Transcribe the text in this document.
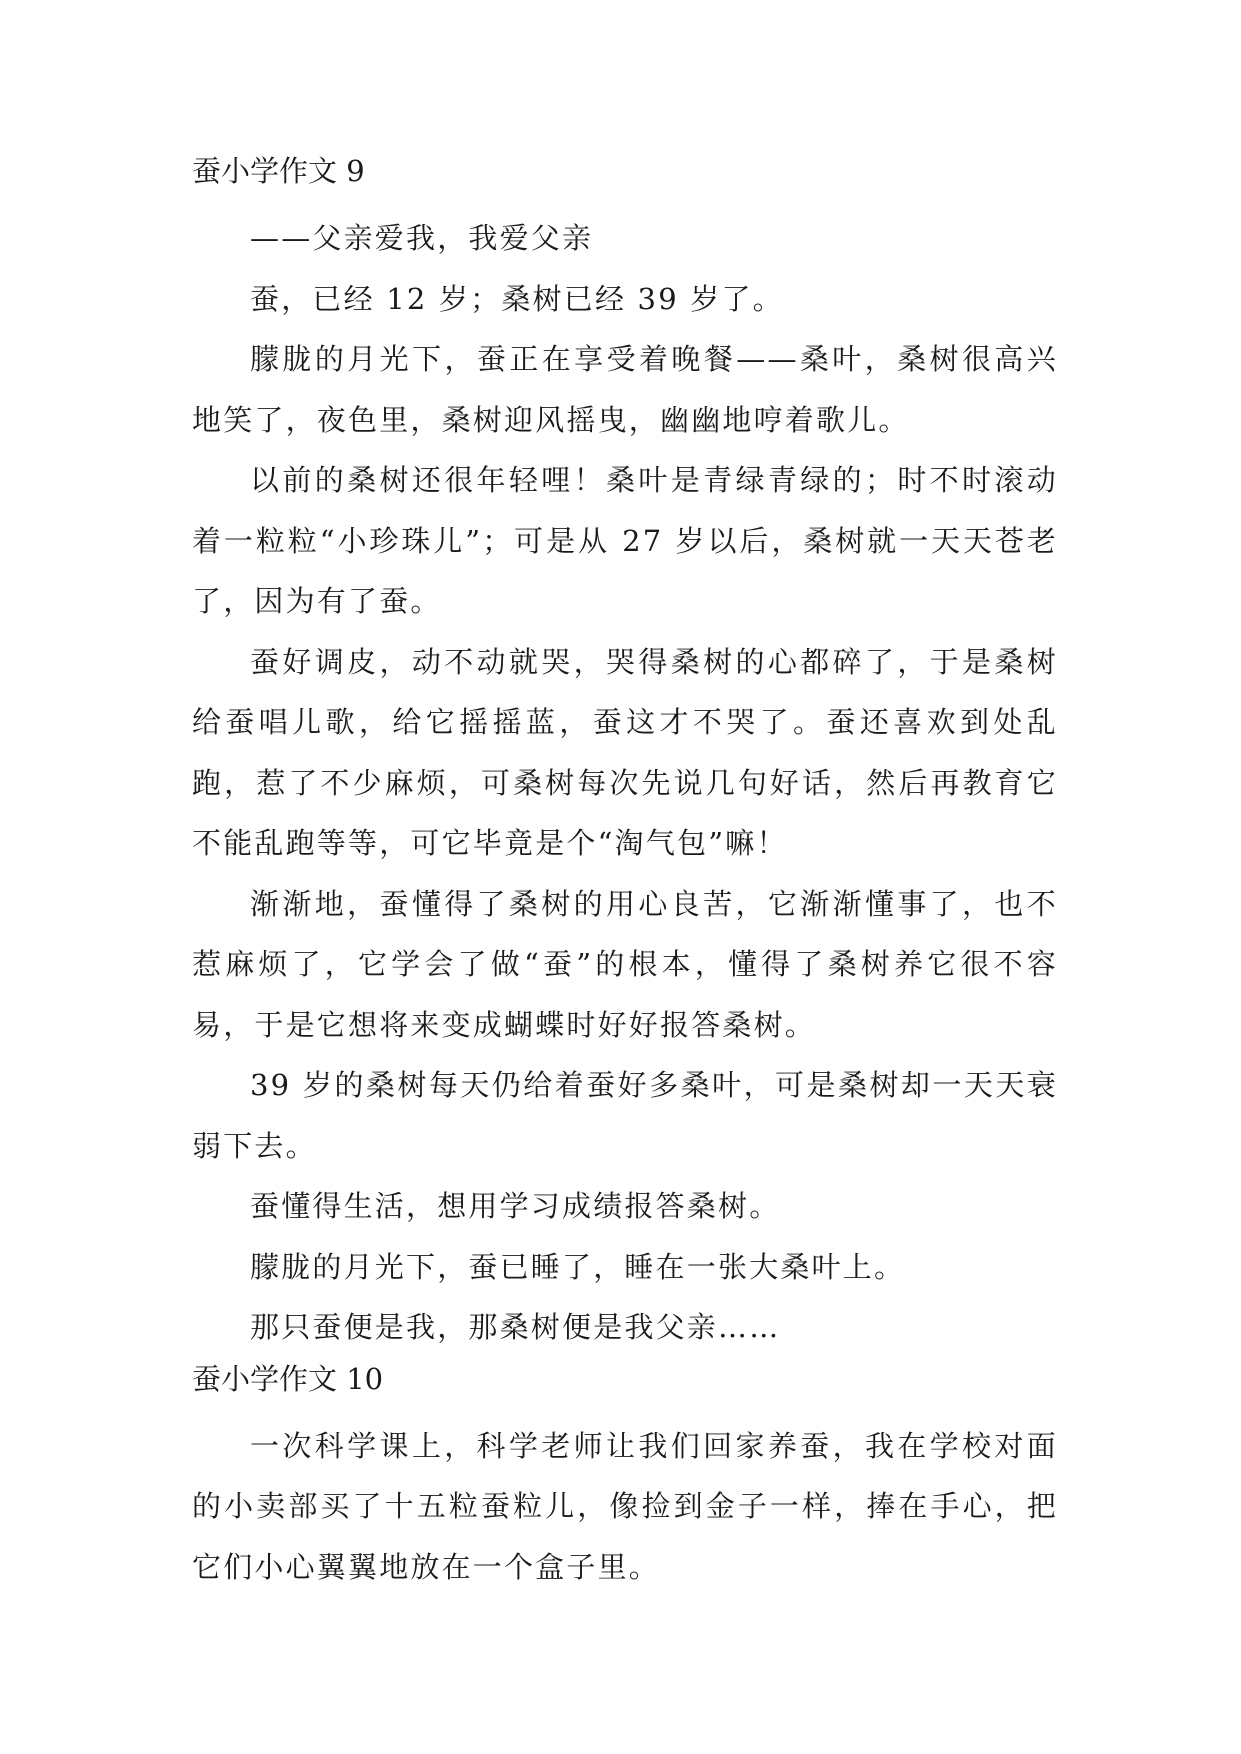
蚕小学作文 9

——父亲爱我，我爱父亲

蚕，已经 12 岁；桑树已经 39 岁了。

朦胧的月光下，蚕正在享受着晚餐——桑叶，桑树很高兴地笑了，夜色里，桑树迎风摇曳，幽幽地哼着歌儿。

以前的桑树还很年轻哩！桑叶是青绿青绿的；时不时滚动着一粒粒“小珍珠儿”；可是从 27 岁以后，桑树就一天天苍老了，因为有了蚕。

蚕好调皮，动不动就哭，哭得桑树的心都碎了，于是桑树给蚕唱儿歌，给它摇摇蓝，蚕这才不哭了。蚕还喜欢到处乱跑，惹了不少麻烦，可桑树每次先说几句好话，然后再教育它不能乱跑等等，可它毕竟是个“淘气包”嘛！

渐渐地，蚕懂得了桑树的用心良苦，它渐渐懂事了，也不惹麻烦了，它学会了做“蚕”的根本，懂得了桑树养它很不容易，于是它想将来变成蝴蝶时好好报答桑树。

39 岁的桑树每天仍给着蚕好多桑叶，可是桑树却一天天衰弱下去。

蚕懂得生活，想用学习成绩报答桑树。

朦胧的月光下，蚕已睡了，睡在一张大桑叶上。

那只蚕便是我，那桑树便是我父亲……

蚕小学作文 10

一次科学课上，科学老师让我们回家养蚕，我在学校对面的小卖部买了十五粒蚕粒儿，像捡到金子一样，捧在手心，把它们小心翼翼地放在一个盒子里。
